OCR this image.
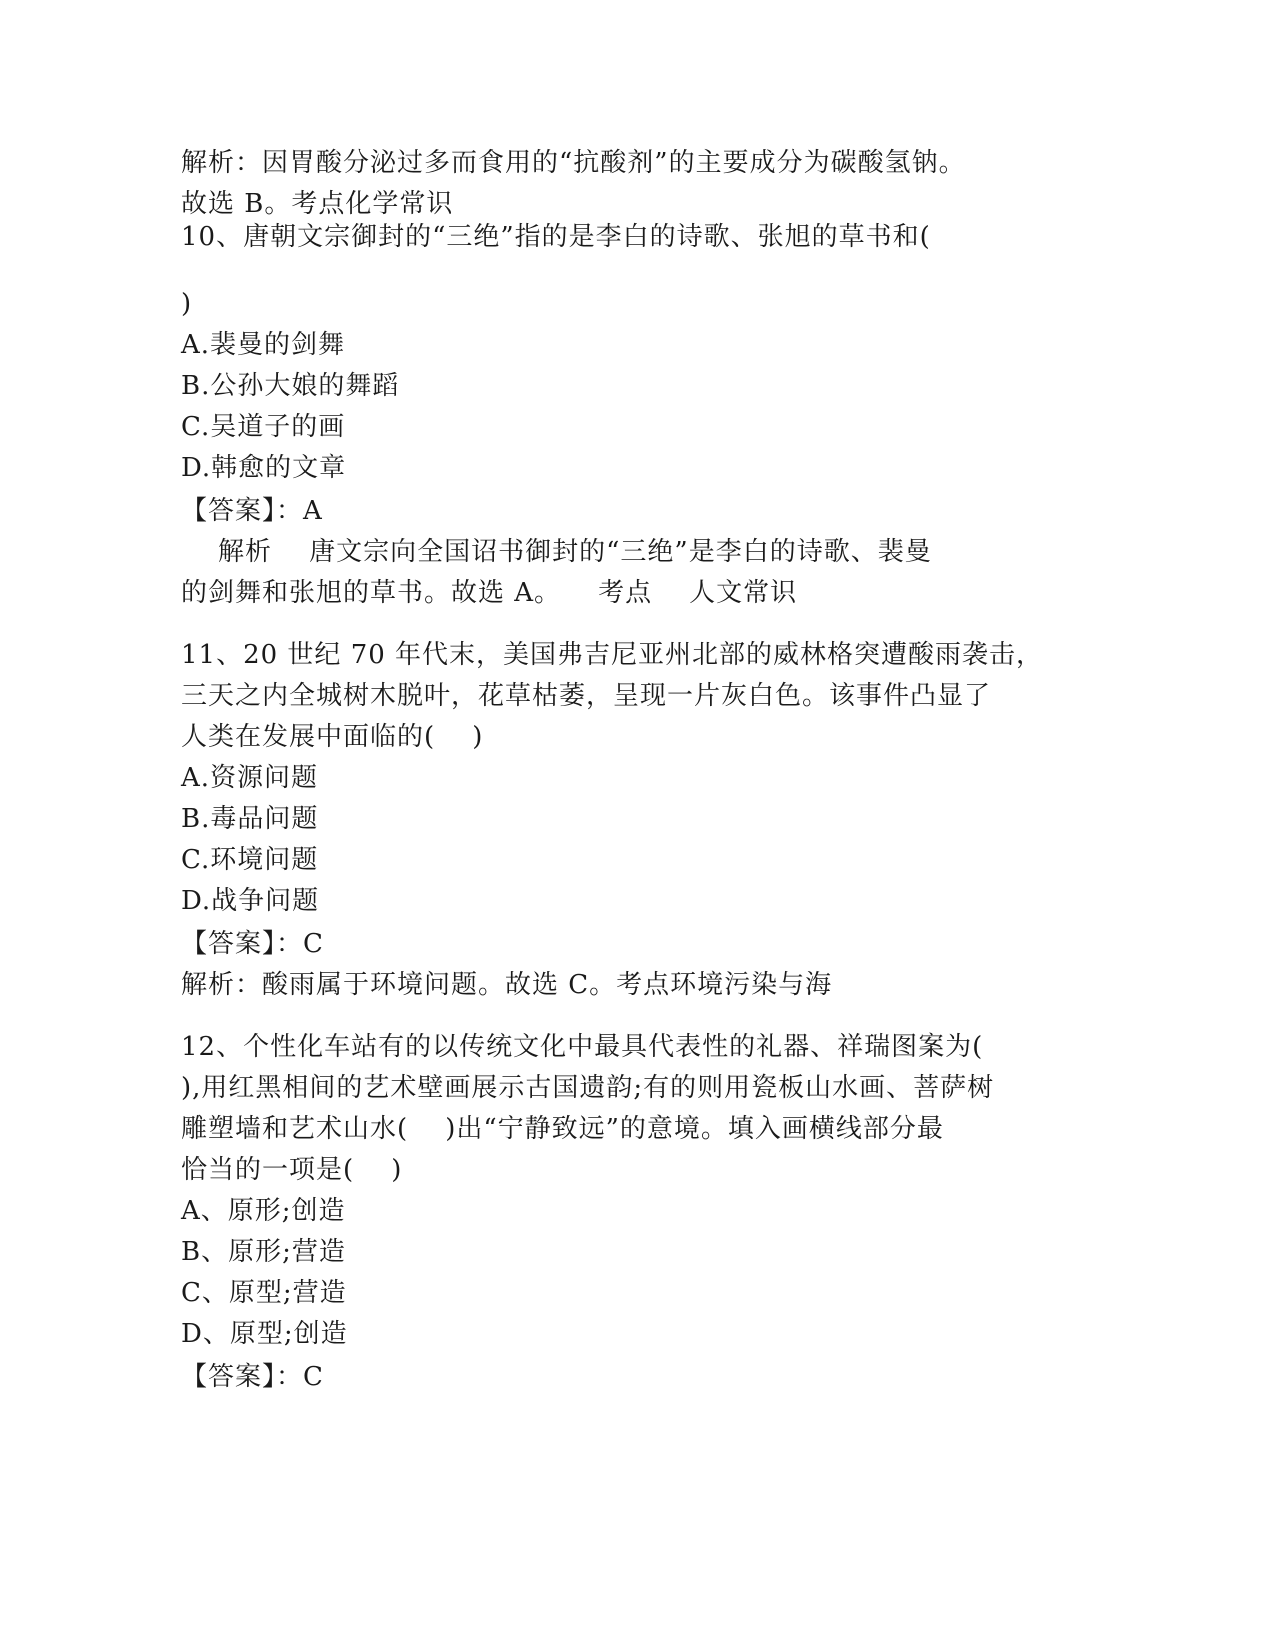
解析：因胃酸分泌过多而食用的“抗酸剂”的主要成分为碳酸氢钠。
故选 B。考点化学常识
10、唐朝文宗御封的“三绝”指的是李白的诗歌、张旭的草书和(
)
A.裴曼的剑舞
B.公孙大娘的舞蹈
C.吴道子的画
D.韩愈的文章
【答案】：A
解析    唐文宗向全国诏书御封的“三绝”是李白的诗歌、裴曼
的剑舞和张旭的草书。故选 A。    考点    人文常识
11、20 世纪 70 年代末，美国弗吉尼亚州北部的威林格突遭酸雨袭击，
三天之内全城树木脱叶，花草枯萎，呈现一片灰白色。该事件凸显了
人类在发展中面临的(    )
A.资源问题
B.毒品问题
C.环境问题
D.战争问题
【答案】：C
解析：酸雨属于环境问题。故选 C。考点环境污染与海
12、个性化车站有的以传统文化中最具代表性的礼器、祥瑞图案为(
),用红黑相间的艺术壁画展示古国遗韵;有的则用瓷板山水画、菩萨树
雕塑墙和艺术山水(    )出“宁静致远”的意境。填入画横线部分最
恰当的一项是(    )
A、原形;创造
B、原形;营造
C、原型;营造
D、原型;创造
【答案】：C
